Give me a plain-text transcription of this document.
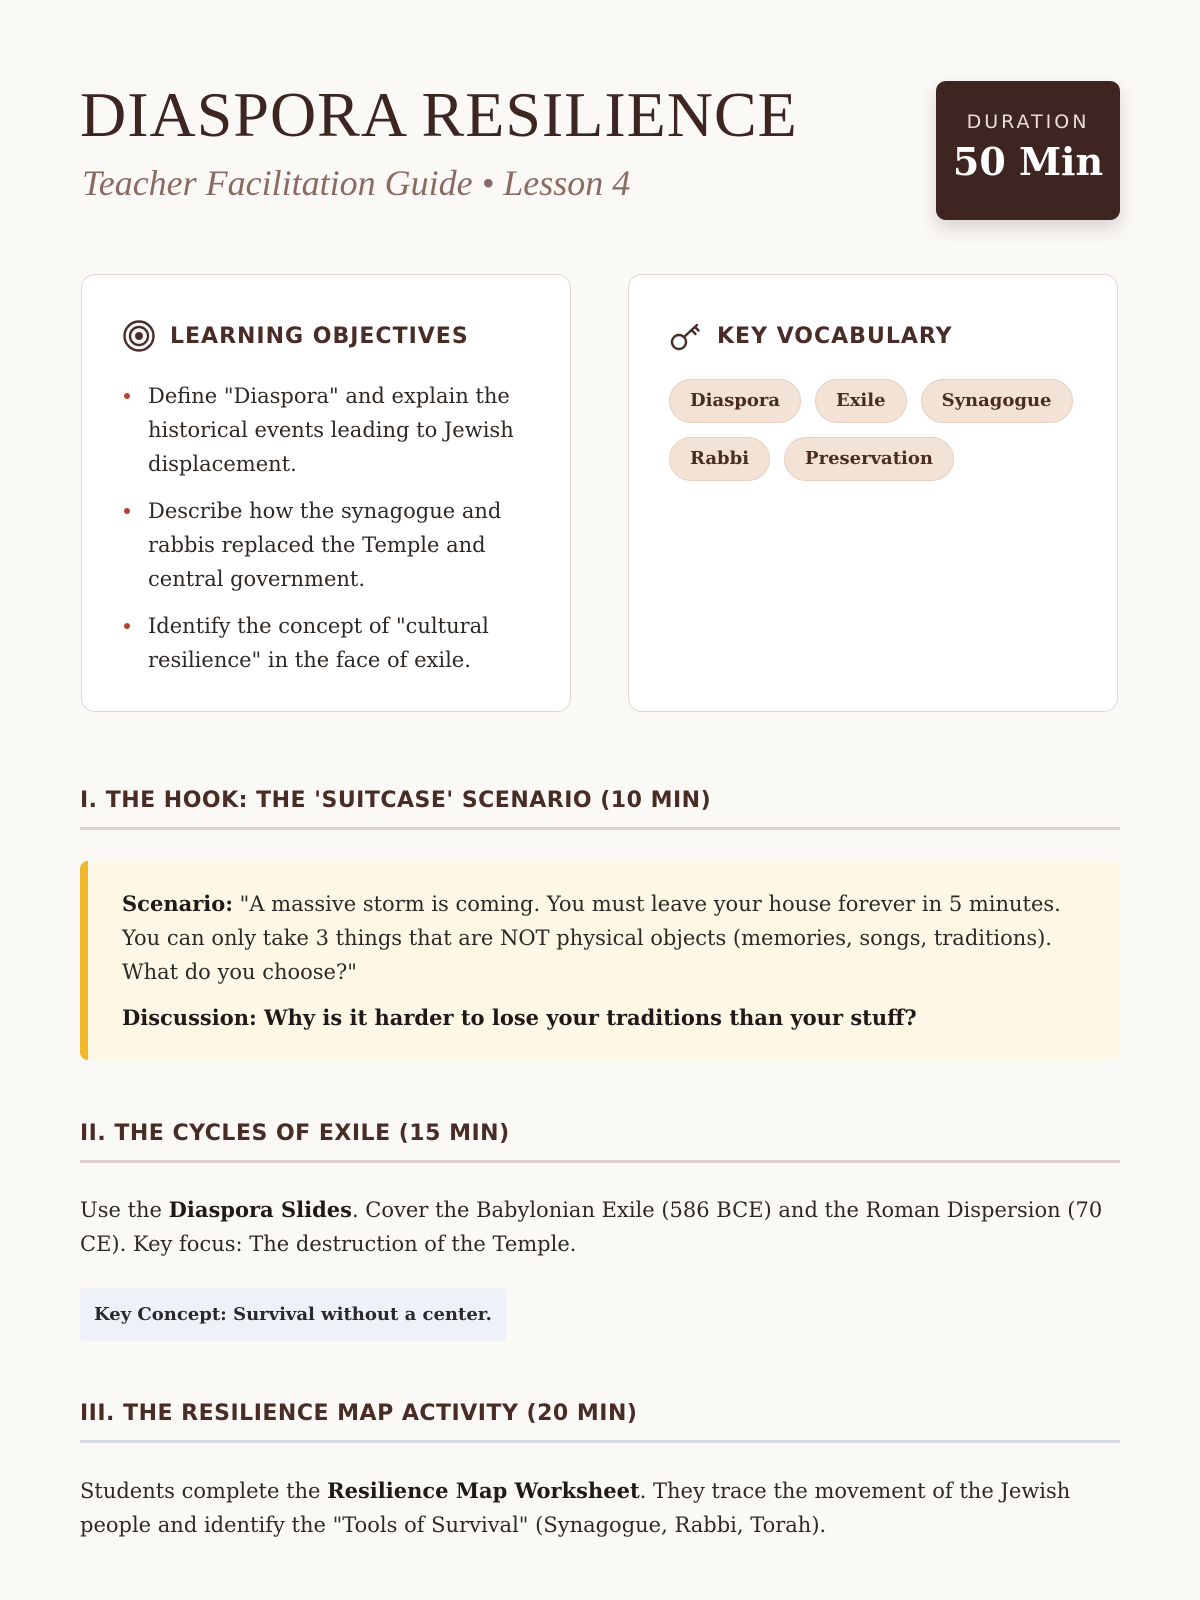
DIASPORA RESILIENCE
Teacher Facilitation Guide • Lesson 4
DURATION
50 Min
LEARNING OBJECTIVES
Define "Diaspora" and explain the historical events leading to Jewish displacement.
Describe how the synagogue and rabbis replaced the Temple and central government.
Identify the concept of "cultural resilience" in the face of exile.
KEY VOCABULARY
Diaspora	Exile	Synagogue
Rabbi	Preservation
I. THE HOOK: THE 'SUITCASE' SCENARIO (10 MIN)

Scenario: "A massive storm is coming. You must leave your house forever in 5 minutes. You can only take 3 things that are NOT physical objects (memories, songs, traditions). What do you choose?"

Discussion: Why is it harder to lose your traditions than your stuff?

II. THE CYCLES OF EXILE (15 MIN)

Use the Diaspora Slides. Cover the Babylonian Exile (586 BCE) and the Roman Dispersion (70 CE). Key focus: The destruction of the Temple.

Key Concept: Survival without a center.
III. THE RESILIENCE MAP ACTIVITY (20 MIN)

Students complete the Resilience Map Worksheet. They trace the movement of the Jewish people and identify the "Tools of Survival" (Synagogue, Rabbi, Torah).
